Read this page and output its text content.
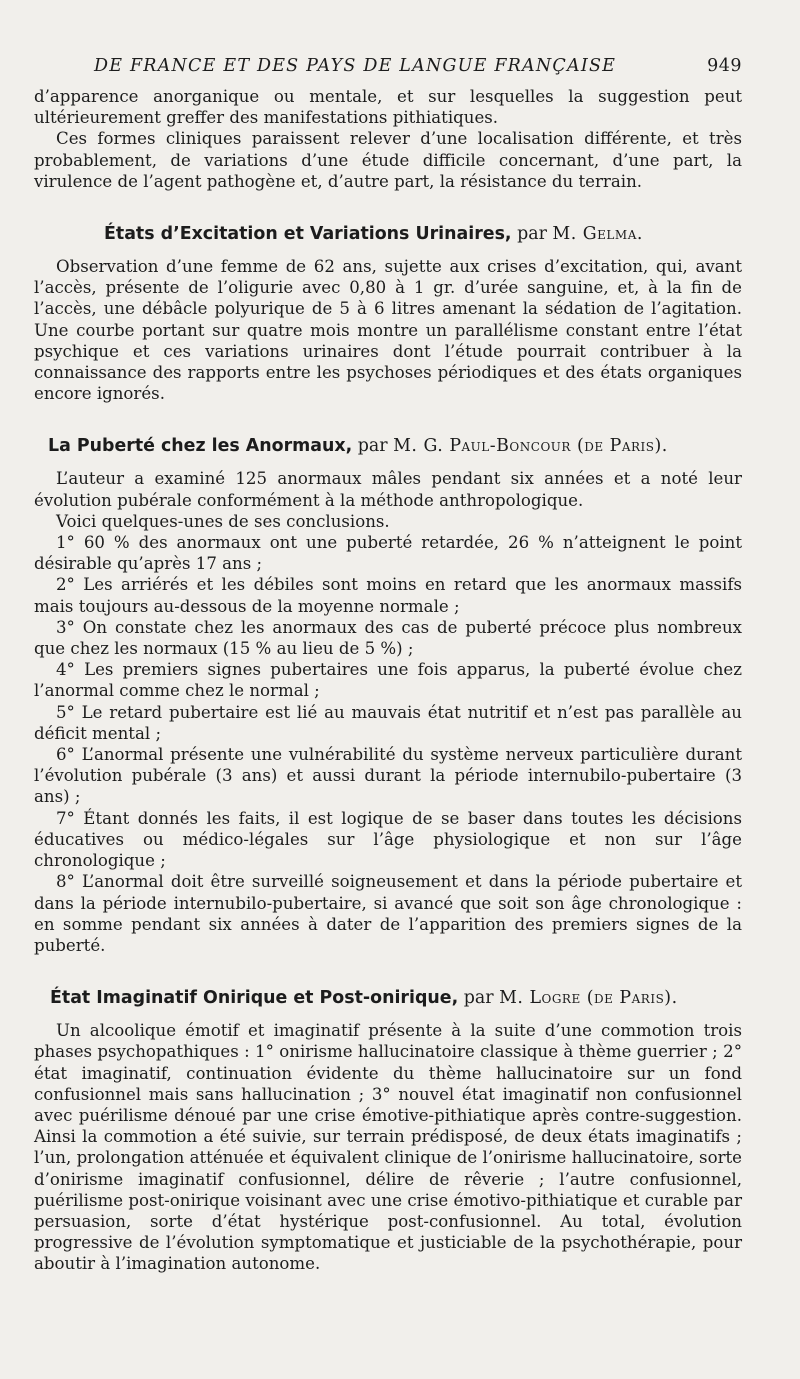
DE FRANCE ET DES PAYS DE LANGUE FRANÇAISE	949

d’apparence anorganique ou mentale, et sur lesquelles la suggestion peut ultérieurement greffer des manifestations pithiatiques.

Ces formes cliniques paraissent relever d’une localisation différente, et très probablement, de variations d’une étude difficile concernant, d’une part, la virulence de l’agent pathogène et, d’autre part, la résistance du terrain.

États d’Excitation et Variations Urinaires, par M. Gelma.

Observation d’une femme de 62 ans, sujette aux crises d’excitation, qui, avant l’accès, présente de l’oligurie avec 0,80 à 1 gr. d’urée sanguine, et, à la fin de l’accès, une débâcle polyurique de 5 à 6 litres amenant la sédation de l’agitation. Une courbe portant sur quatre mois montre un parallélisme constant entre l’état psychique et ces variations urinaires dont l’étude pourrait contribuer à la connaissance des rapports entre les psychoses périodiques et des états organiques encore ignorés.

La Puberté chez les Anormaux, par M. G. Paul-Boncour (de Paris).

L’auteur a examiné 125 anormaux mâles pendant six années et a noté leur évolution pubérale conformément à la méthode anthropologique.

Voici quelques-unes de ses conclusions.

1° 60 % des anormaux ont une puberté retardée, 26 % n’atteignent le point désirable qu’après 17 ans ;

2° Les arriérés et les débiles sont moins en retard que les anormaux massifs mais toujours au-dessous de la moyenne normale ;

3° On constate chez les anormaux des cas de puberté précoce plus nombreux que chez les normaux (15 % au lieu de 5 %) ;

4° Les premiers signes pubertaires une fois apparus, la puberté évolue chez l’anormal comme chez le normal ;

5° Le retard pubertaire est lié au mauvais état nutritif et n’est pas parallèle au déficit mental ;

6° L’anormal présente une vulnérabilité du système nerveux particulière durant l’évolution pubérale (3 ans) et aussi durant la période internubilo-pubertaire (3 ans) ;

7° Étant donnés les faits, il est logique de se baser dans toutes les décisions éducatives ou médico-légales sur l’âge physiologique et non sur l’âge chronologique ;

8° L’anormal doit être surveillé soigneusement et dans la période pubertaire et dans la période internubilo-pubertaire, si avancé que soit son âge chronologique : en somme pendant six années à dater de l’apparition des premiers signes de la puberté.

État Imaginatif Onirique et Post-onirique, par M. Logre (de Paris).

Un alcoolique émotif et imaginatif présente à la suite d’une commotion trois phases psychopathiques : 1° onirisme hallucinatoire classique à thème guerrier ; 2° état imaginatif, continuation évidente du thème hallucinatoire sur un fond confusionnel mais sans hallucination ; 3° nouvel état imaginatif non confusionnel avec puérilisme dénoué par une crise émotive-pithiatique après contre-suggestion. Ainsi la commotion a été suivie, sur terrain prédisposé, de deux états imaginatifs ; l’un, prolongation atténuée et équivalent clinique de l’onirisme hallucinatoire, sorte d’onirisme imaginatif confusionnel, délire de rêverie ; l’autre confusionnel, puérilisme post-onirique voisinant avec une crise émotivo-pithiatique et curable par persuasion, sorte d’état hystérique post-confusionnel. Au total, évolution progressive de l’évolution symptomatique et justiciable de la psychothérapie, pour aboutir à l’imagination autonome.
